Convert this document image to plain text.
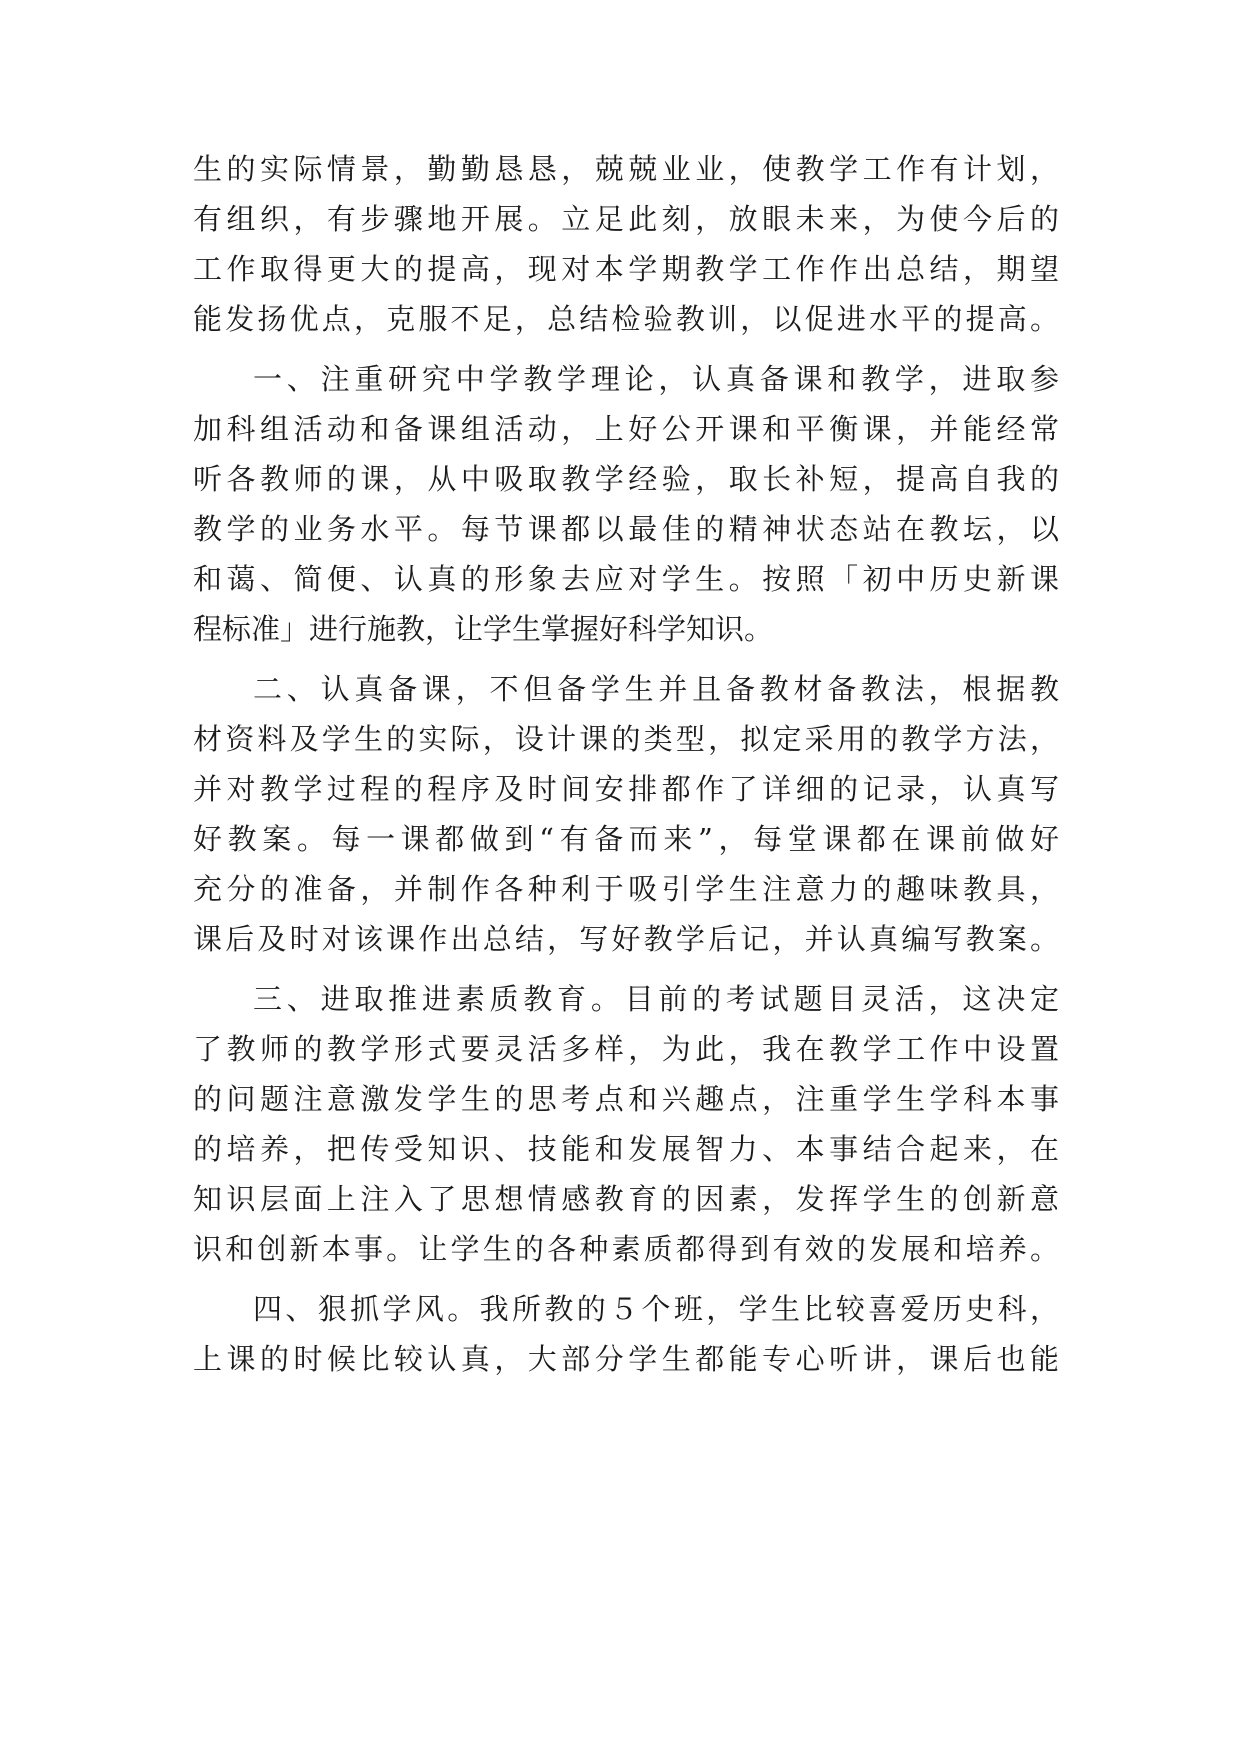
生的实际情景，勤勤恳恳，兢兢业业，使教学工作有计划，
有组织，有步骤地开展。立足此刻，放眼未来，为使今后的
工作取得更大的提高，现对本学期教学工作作出总结，期望
能发扬优点，克服不足，总结检验教训，以促进水平的提高。
一、注重研究中学教学理论，认真备课和教学，进取参
加科组活动和备课组活动，上好公开课和平衡课，并能经常
听各教师的课，从中吸取教学经验，取长补短，提高自我的
教学的业务水平。每节课都以最佳的精神状态站在教坛，以
和蔼、简便、认真的形象去应对学生。按照「初中历史新课
程标准」进行施教，让学生掌握好科学知识。
二、认真备课，不但备学生并且备教材备教法，根据教
材资料及学生的实际，设计课的类型，拟定采用的教学方法，
并对教学过程的程序及时间安排都作了详细的记录，认真写
好教案。每一课都做到“有备而来”，每堂课都在课前做好
充分的准备，并制作各种利于吸引学生注意力的趣味教具，
课后及时对该课作出总结，写好教学后记，并认真编写教案。
三、进取推进素质教育。目前的考试题目灵活，这决定
了教师的教学形式要灵活多样，为此，我在教学工作中设置
的问题注意激发学生的思考点和兴趣点，注重学生学科本事
的培养，把传受知识、技能和发展智力、本事结合起来，在
知识层面上注入了思想情感教育的因素，发挥学生的创新意
识和创新本事。让学生的各种素质都得到有效的发展和培养。
四、狠抓学风。我所教的５个班，学生比较喜爱历史科，
上课的时候比较认真，大部分学生都能专心听讲，课后也能
